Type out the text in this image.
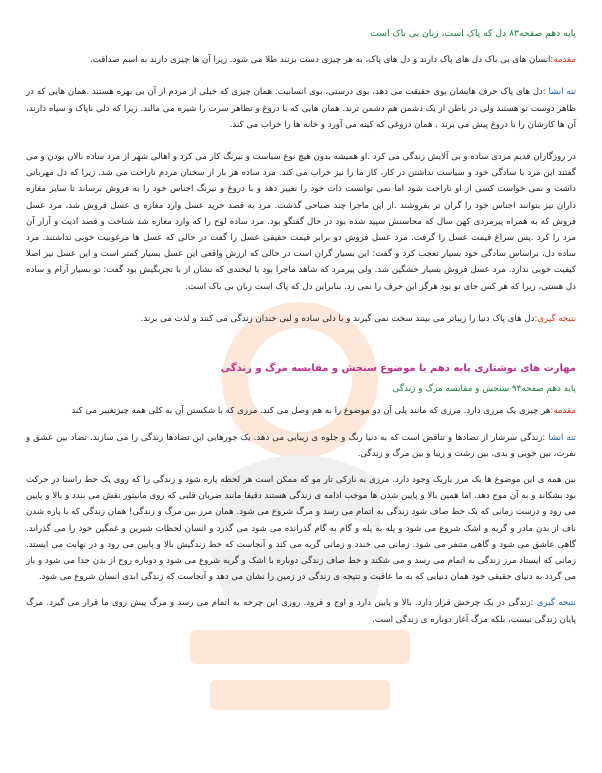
پایه دهم صفحه۸۳ دل که پاک است، زبان بی باک است

مقدمه:انسان های بی باک دل های پاک دارند و دل های پاک، به هر چیزی دست بزنند طلا می شود. زیرا آن ها چیزی دارند به اسم صداقت.

تنه انشا :دل های پاک حرف هایشان بوی حقیقت می دهد، بوی درستی، بوی انسانیت. همان چیزی که خیلی از مردم از آن بی بهره هستند .همان هایی که در ظاهر دوست تو هستند ولی در باطن از یک دشمن هم دشمن ترند. همان هایی که با دروغ و تظاهر سرت را شیره می مالند. زیرا که دلی ناپاک و سیاه دارند، آن ها کارشان را با دروغ پیش می برند . همان دروغی که کینه می آورد و خانه ها را خراب می کند.

در روزگاران قدیم مردی ساده و بی آلایش زندگی می کرد .او همیشه بدون هیچ نوع سیاست و نیرنگ کار می کرد و اهالی شهر از مرد ساده نالان بودن و می گفتند این مرد با سادگی خود و سیاست نداشتن در کار، کار ما را نیز خراب می کند. مرد ساده هر بار از سخنان مردم ناراحت می شد. زیرا که دل مهربانی داشت و نمی خواست کسی از او ناراحت شود اما نمی توانست ذات خود را تغییر دهد و با دروغ و نیرنگ اجناس خود را به فروش برساند تا سایر مغازه داران نیز بتوانند اجناس خود را گران تر بفروشند .از این ماجرا چند صباحی گذشت. مرد به قصد خرید عسل وارد مغازه ی عسل فروش شد، مرد عسل فروش که به همراه پیرمردی کهن سال که محاسنش سپید شده بود در حال گفتگو بود. مرد ساده لوح را که وارد مغازه شد شناخت و قصد اذیت و آزار آن مرد را کرد .پس سراغ قیمت عسل را گرفت. مرد عسل فروش دو برابر قیمت حقیقی عسل را گفت در حالی که عسل ها مرغوبیت خوبی نداشتند. مرد ساده دل، براساس سادگی خود بسیار تعجب کرد و گفت: این بسیار گران است در حالی که ارزش واقعی این عسل بسیار کمتر است و این عسل نیز اصلا کیفیت خوبی ندارد. مرد عسل فروش بسیار خشگین شد. ولی پیرمرد که شاهد ماجرا بود با لبخندی که نشان از با تجربگیش بود گفت: تو بسیار آرام و ساده دل هستی، زیرا که هر کس جای تو بود هرگز این حرف را نمی زد. بنابراین دل که پاک است زبان بی باک است.

نتیجه گیری:دل های پاک دنیا را زیباتر می بینند سخت نمی گیرند و با دلی ساده و لبی خندان زندگی می کنند و لذت می برند.

مهارت های نوشتاری پایه دهم با موضوع سنجش و مقایسه مرگ و زندگی

پایه دهم صفحه۹۴ سنجش و مقایسه مرگ و زندگی

مقدمه:هر چیزی یک مرزی دارد. مرزی که مانند پلی آن دو موضوع را به هم وصل می کند. مرزی که با شکستن آن به کلی همه چیزتغییر می کند

تنه انشا :زندگی سرشار از تضادها و تناقض است که به دنیا رنگ و جلوه ی زیبایی می دهد. یک جورهایی این تضادها زندگی را می سازند. تضاد بین عشق و نفرت، بین خوبی و بدی، بین زشت و زیبا و بین مرگ و زندگی.

بین همه ی این موضوع ها یک مرز باریک وجود دارد. مرزی به نازکی تار مو که ممکن است هر لحظه پاره شود و زندگی را که روی یک خط راستا در حرکت بود بشکاند و به آن موج دهد. اما همین بالا و پایین شدن ها موجب ادامه ی زندگی هستند دقیقا مانند ضربان قلبی که روی مانیتور نقش می بندد و بالا و پایین می رود و درست زمانی که یک خط صاف شود زندگی به اتمام می رسد و مرگ شروع می شود. همان مرز بین مرگ و زندگی! همان زندگی که با پاره شدن ناف از بدن مادر و گریه و اشک شروع می شود و پله به پله و گام به گام گذرانده می شود می گذرد و انسان لحظات شیرین و غمگین خود را می گذراند. گاهی عاشق می شود و گاهی متنفر می شود. زمانی می خندد و زمانی گریه می کند و آنجاست که خط زندگیش بالا و پایین می رود و در نهایت می ایستد. زمانی که ایستاد مرز زندگی به اتمام می رسد و می شکند و خط صاف زندگی دوباره با اشک و گریه شروع می شود و دوباره روح از بدن جدا می شود و باز می گردد به دنیای حقیقی خود همان دنیایی که به ما عاقبت و نتیجه ی زندگی در زمین را نشان می دهد و آنجاست که زندگی ابدی انسان شروع می شود.

نتیجه گیری :زندگی در یک چرخش قرار دارد. بالا و پایین دارد و اوج و فرود. روزی این چرخه به اتمام می رسد و مرگ پیش روی ما قرار می گیرد. مرگ پایان زندگی نیست، بلکه مرگ آغاز دوباره ی زندگی است.
